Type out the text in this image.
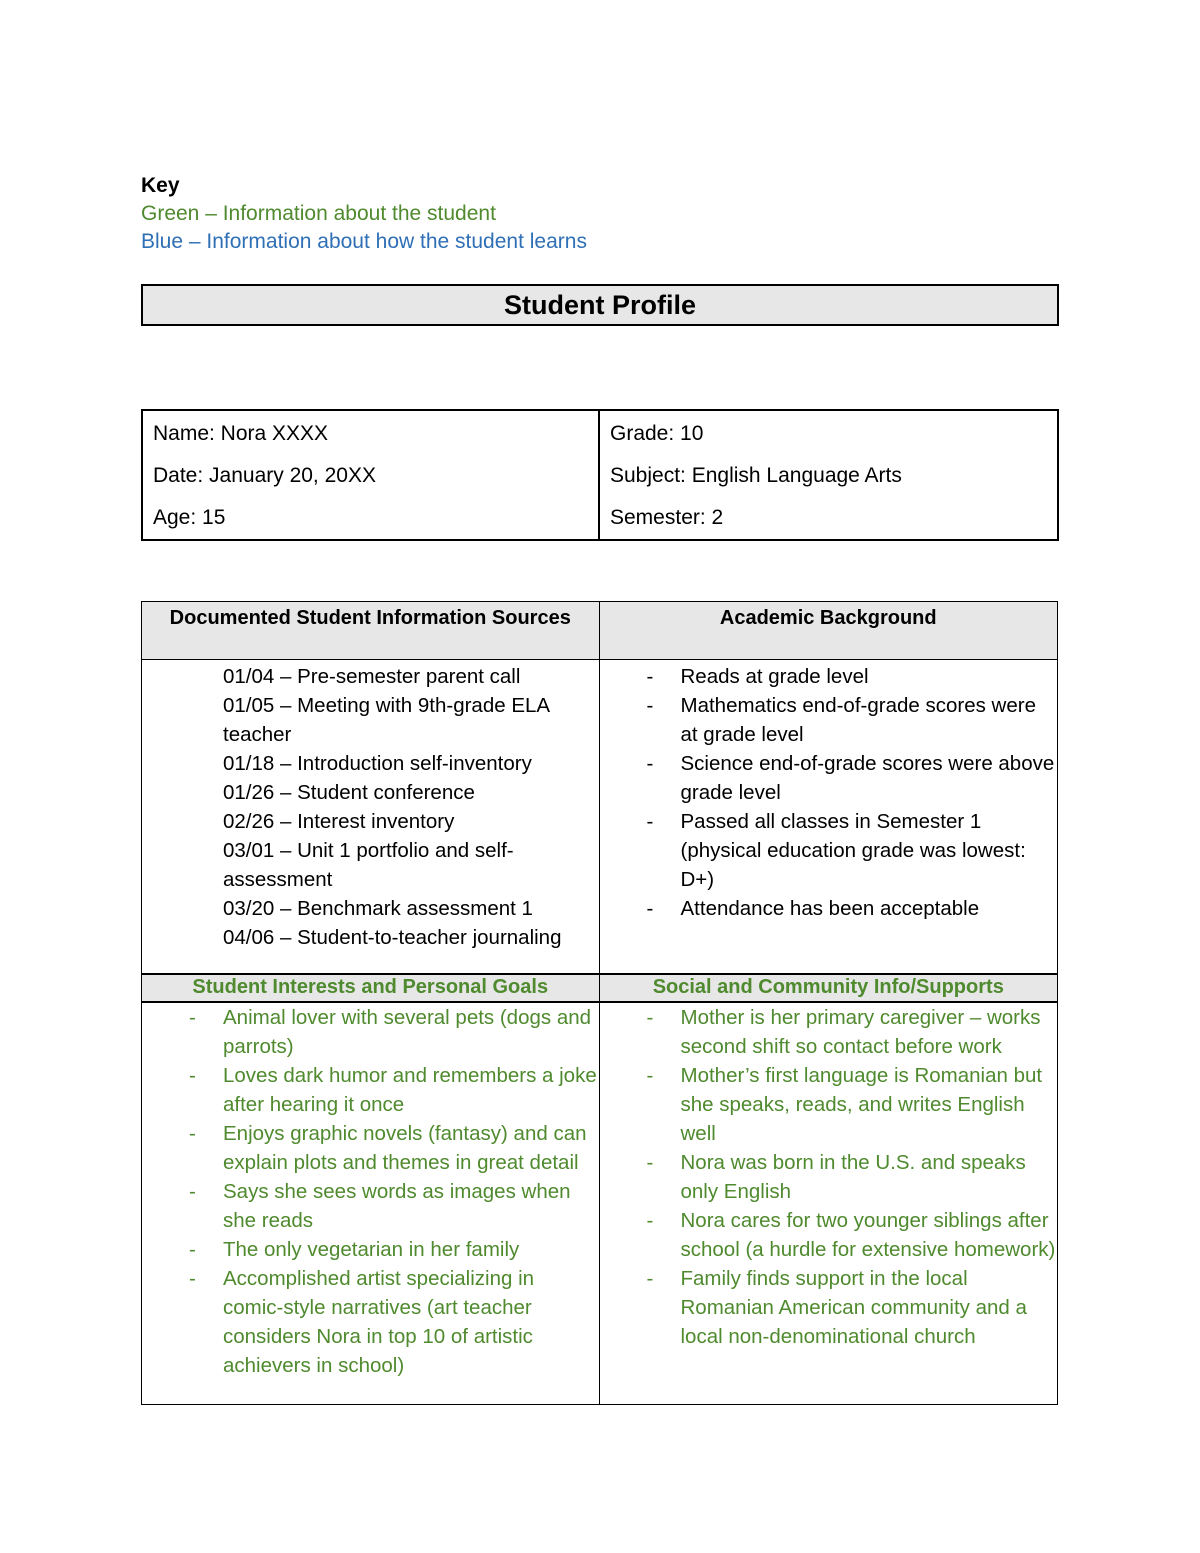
Key
Green – Information about the student
Blue – Information about how the student learns
Student Profile
Name: Nora XXXX
Date: January 20, 20XX
Age: 15
Grade: 10
Subject: English Language Arts
Semester: 2
Documented Student Information Sources	Academic Background
01/04 – Pre-semester parent call
01/05 – Meeting with 9th-grade ELA teacher
01/18 – Introduction self-inventory
01/26 – Student conference
02/26 – Interest inventory
03/01 – Unit 1 portfolio and self-assessment
03/20 – Benchmark assessment 1
04/06 – Student-to-teacher journaling
- Reads at grade level
- Mathematics end-of-grade scores were at grade level
- Science end-of-grade scores were above grade level
- Passed all classes in Semester 1 (physical education grade was lowest: D+)
- Attendance has been acceptable
Student Interests and Personal Goals	Social and Community Info/Supports
- Animal lover with several pets (dogs and parrots)
- Loves dark humor and remembers a joke after hearing it once
- Enjoys graphic novels (fantasy) and can explain plots and themes in great detail
- Says she sees words as images when she reads
- The only vegetarian in her family
- Accomplished artist specializing in comic-style narratives (art teacher considers Nora in top 10 of artistic achievers in school)
- Mother is her primary caregiver – works second shift so contact before work
- Mother’s first language is Romanian but she speaks, reads, and writes English well
- Nora was born in the U.S. and speaks only English
- Nora cares for two younger siblings after school (a hurdle for extensive homework)
- Family finds support in the local Romanian American community and a local non-denominational church
